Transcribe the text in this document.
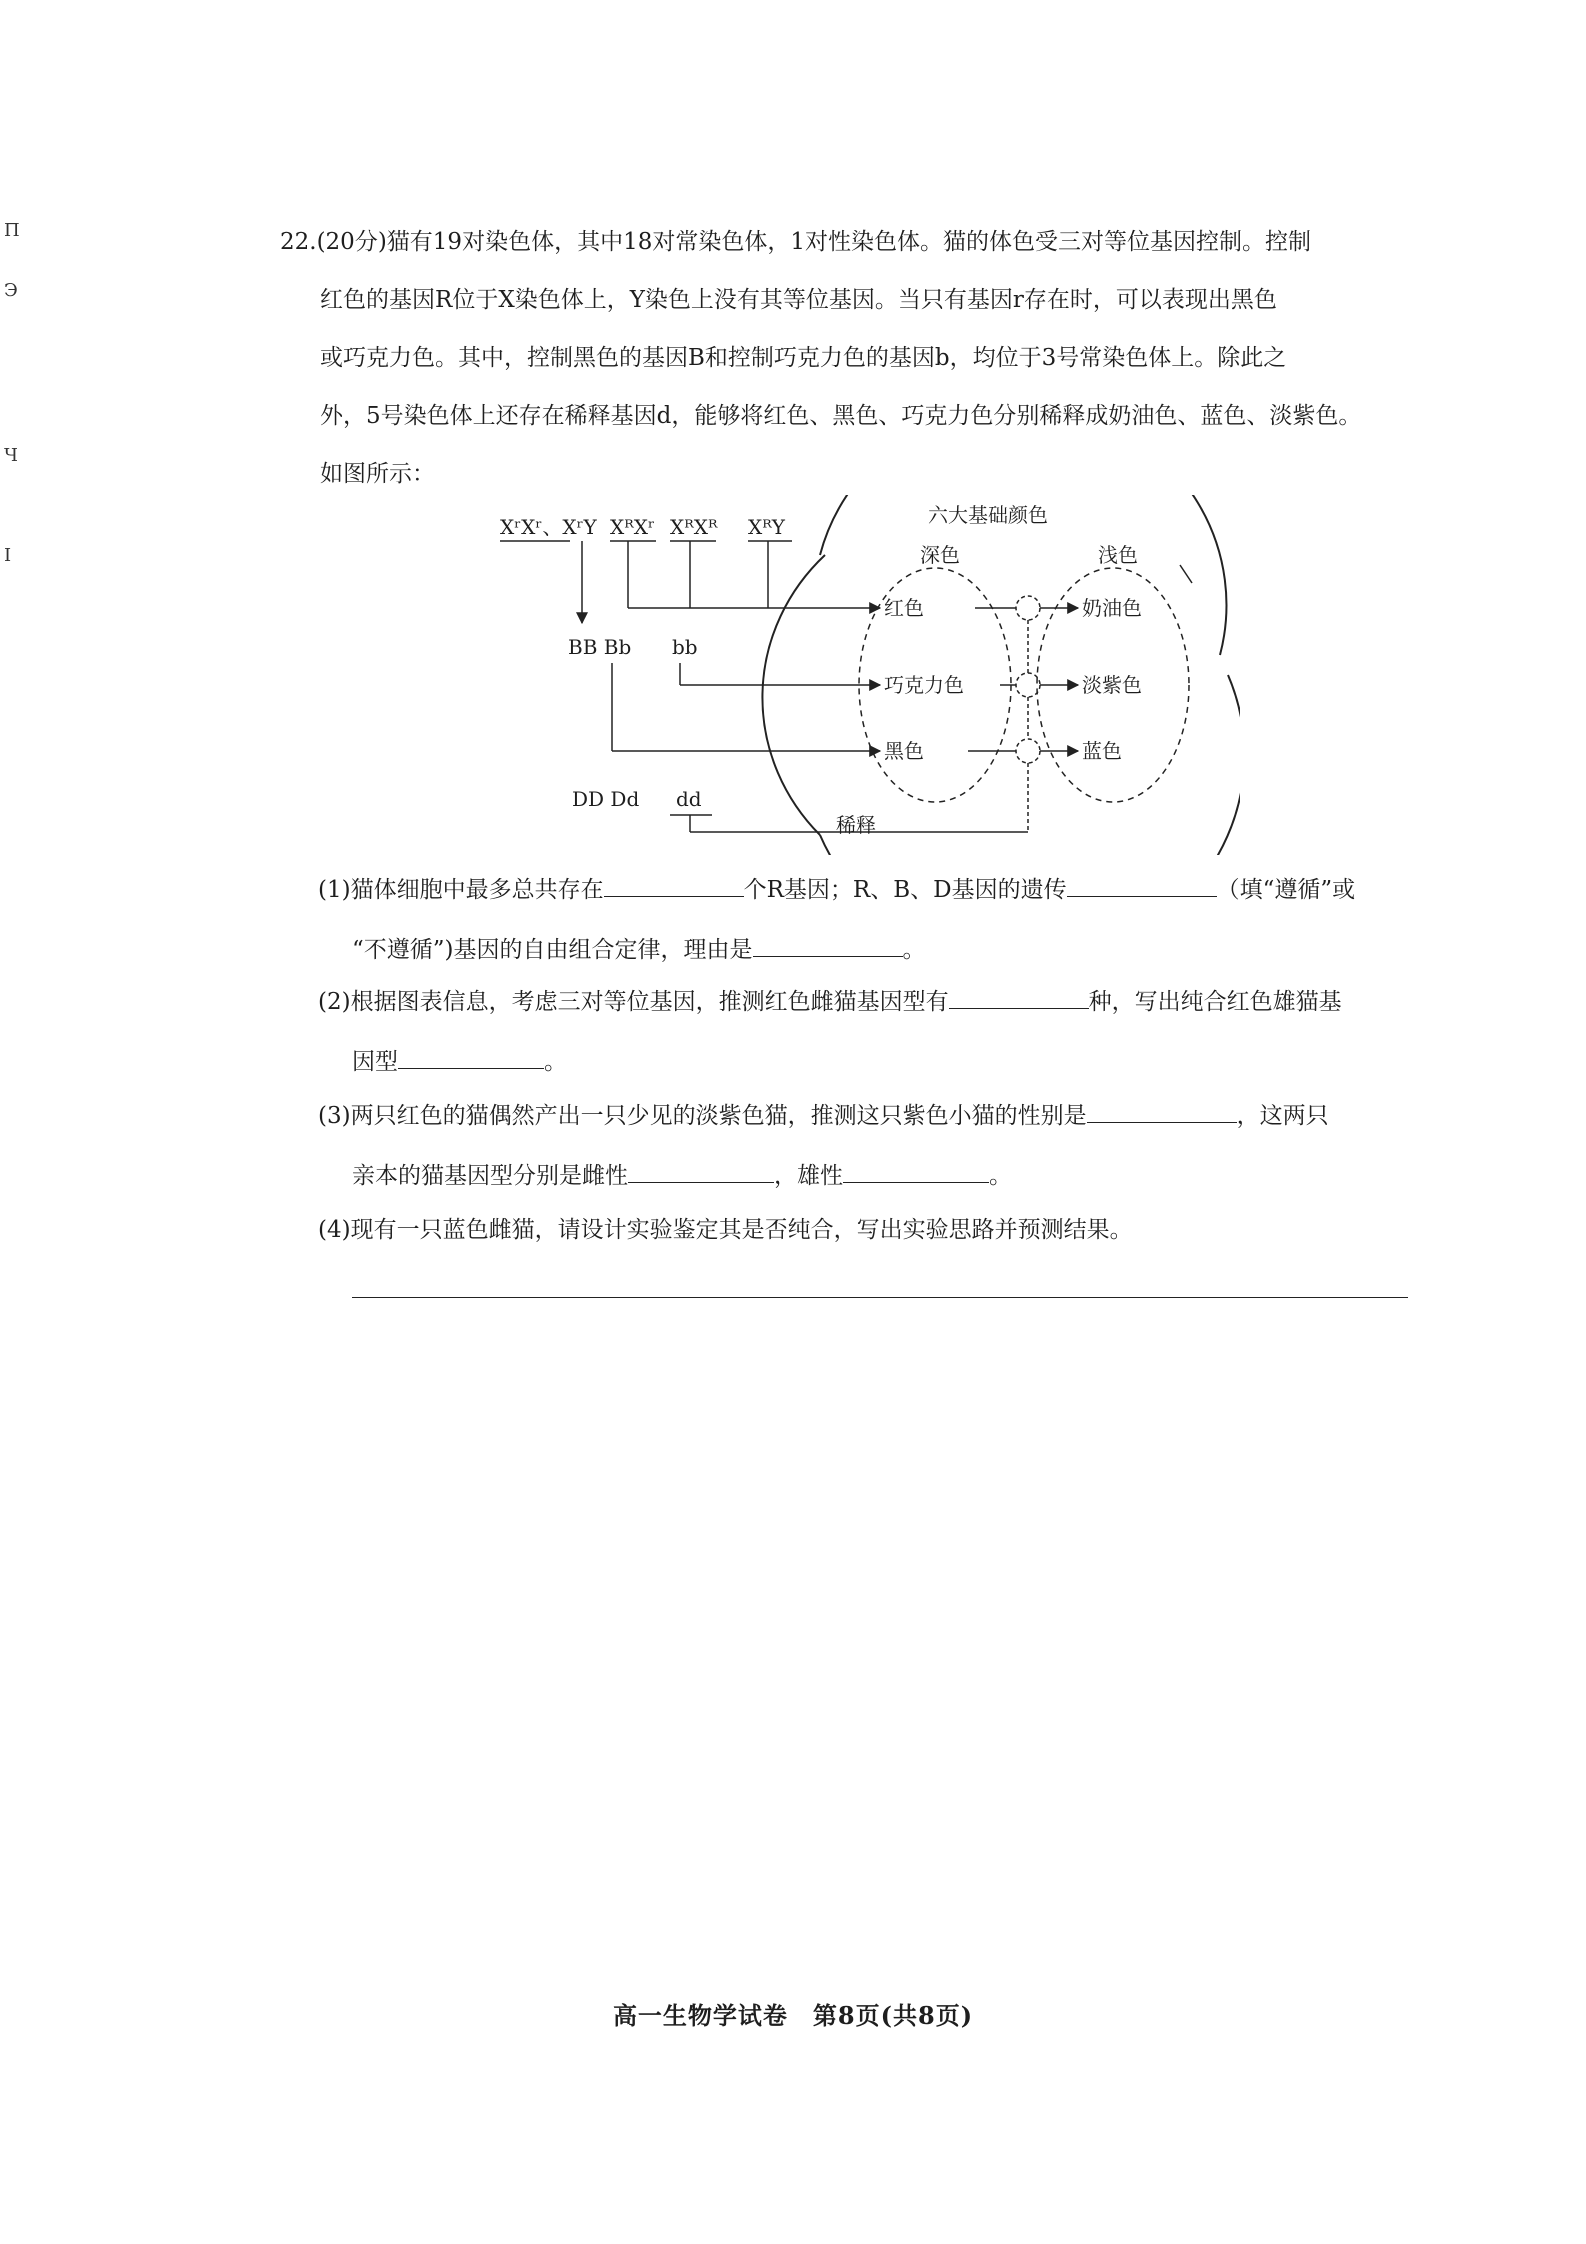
П
Э
Ч
I
22.(20分)猫有19对染色体，其中18对常染色体，1对性染色体。猫的体色受三对等位基因控制。控制
红色的基因R位于X染色体上，Y染色上没有其等位基因。当只有基因r存在时，可以表现出黑色
或巧克力色。其中，控制黑色的基因B和控制巧克力色的基因b，均位于3号常染色体上。除此之
外，5号染色体上还存在稀释基因d，能够将红色、黑色、巧克力色分别稀释成奶油色、蓝色、淡紫色。
如图所示：
XʳXʳ、XʳY XᴿXʳ XᴿXᴿ XᴿY
BB Bb bb
DD Dd dd
六大基础颜色
深色	浅色
红色
巧克力色
黑色
奶油色
淡紫色
蓝色
稀释
(1)猫体细胞中最多总共存在	个R基因；R、B、D基因的遗传	（填“遵循”或
“不遵循”)基因的自由组合定律，理由是	。
(2)根据图表信息，考虑三对等位基因，推测红色雌猫基因型有	种，写出纯合红色雄猫基
因型	。
(3)两只红色的猫偶然产出一只少见的淡紫色猫，推测这只紫色小猫的性别是	，这两只
亲本的猫基因型分别是雌性	，雄性	。
(4)现有一只蓝色雌猫，请设计实验鉴定其是否纯合，写出实验思路并预测结果。
高一生物学试卷　第8页(共8页)
